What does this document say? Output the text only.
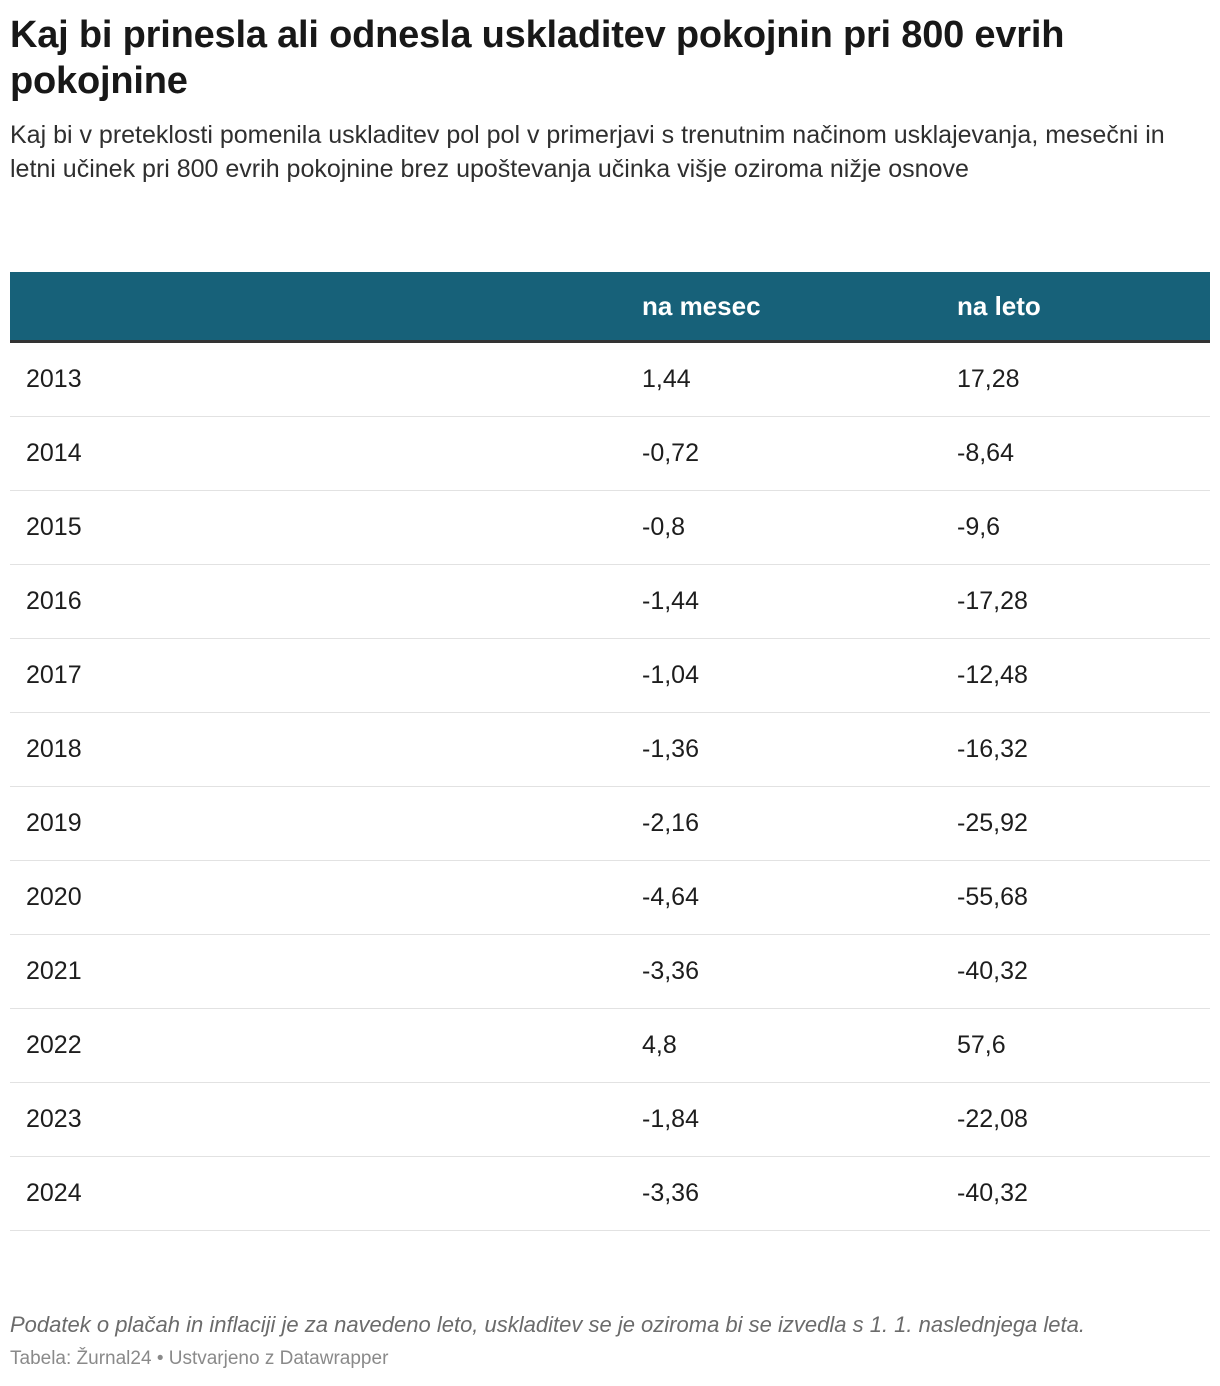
Kaj bi prinesla ali odnesla uskladitev pokojnin pri 800 evrih pokojnine
Kaj bi v preteklosti pomenila uskladitev pol pol v primerjavi s trenutnim načinom usklajevanja, mesečni in letni učinek pri 800 evrih pokojnine brez upoštevanja učinka višje oziroma nižje osnove
	na mesec	na leto
2013	1,44	17,28
2014	-0,72	-8,64
2015	-0,8	-9,6
2016	-1,44	-17,28
2017	-1,04	-12,48
2018	-1,36	-16,32
2019	-2,16	-25,92
2020	-4,64	-55,68
2021	-3,36	-40,32
2022	4,8	57,6
2023	-1,84	-22,08
2024	-3,36	-40,32
Podatek o plačah in inflaciji je za navedeno leto, uskladitev se je oziroma bi se izvedla s 1. 1. naslednjega leta.
Tabela: Žurnal24 • Ustvarjeno z Datawrapper
